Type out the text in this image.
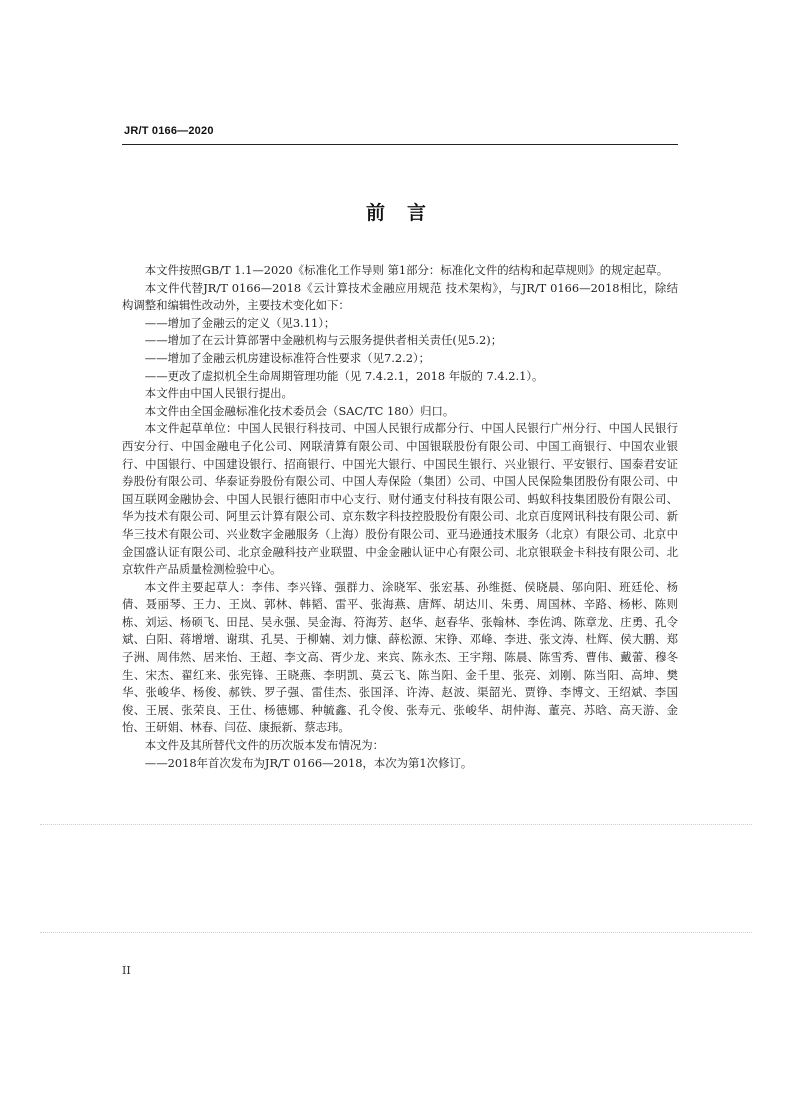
JR/T 0166—2020
前言

本文件按照GB/T 1.1—2020《标准化工作导则 第1部分：标准化文件的结构和起草规则》的规定起草。

本文件代替JR/T 0166—2018《云计算技术金融应用规范 技术架构》，与JR/T 0166—2018相比，除结构调整和编辑性改动外，主要技术变化如下：

——增加了金融云的定义（见3.11）；

——增加了在云计算部署中金融机构与云服务提供者相关责任(见5.2)；

——增加了金融云机房建设标准符合性要求（见7.2.2）；

——更改了虚拟机全生命周期管理功能（见 7.4.2.1，2018 年版的 7.4.2.1）。

本文件由中国人民银行提出。

本文件由全国金融标准化技术委员会（SAC/TC 180）归口。

本文件起草单位：中国人民银行科技司、中国人民银行成都分行、中国人民银行广州分行、中国人民银行西安分行、中国金融电子化公司、网联清算有限公司、中国银联股份有限公司、中国工商银行、中国农业银行、中国银行、中国建设银行、招商银行、中国光大银行、中国民生银行、兴业银行、平安银行、国泰君安证券股份有限公司、华泰证券股份有限公司、中国人寿保险（集团）公司、中国人民保险集团股份有限公司、中国互联网金融协会、中国人民银行德阳市中心支行、财付通支付科技有限公司、蚂蚁科技集团股份有限公司、华为技术有限公司、阿里云计算有限公司、京东数字科技控股股份有限公司、北京百度网讯科技有限公司、新华三技术有限公司、兴业数字金融服务（上海）股份有限公司、亚马逊通技术服务（北京）有限公司、北京中金国盛认证有限公司、北京金融科技产业联盟、中金金融认证中心有限公司、北京银联金卡科技有限公司、北京软件产品质量检测检验中心。

本文件主要起草人：李伟、李兴锋、强群力、涂晓军、张宏基、孙维挺、侯晓晨、邬向阳、班廷伦、杨倩、聂丽琴、王力、王岚、郭林、韩韬、雷平、张海燕、唐辉、胡达川、朱勇、周国林、辛路、杨彬、陈则栋、刘运、杨硕飞、田昆、吴永强、吴金海、符海芳、赵华、赵春华、张翰林、李佐鸿、陈章龙、庄勇、孔令斌、白阳、蒋增增、谢琪、孔昊、于柳婻、刘力慷、薛松源、宋铮、邓峰、李进、张文涛、杜辉、侯大鹏、郑子洲、周伟然、居来怡、王超、李文高、胥少龙、来宾、陈永杰、王宇翔、陈晨、陈雪秀、曹伟、戴蕾、穆冬生、宋杰、翟红来、张宪锋、王晓燕、李明凯、莫云飞、陈当阳、金千里、张亮、刘刚、陈当阳、高坤、樊华、张峻华、杨俊、郝铁、罗子强、雷佳杰、张国泽、许涛、赵波、渠韶光、贾铮、李博文、王绍斌、李国俊、王展、张荣良、王仕、杨德娜、种毓鑫、孔令俊、张寿元、张峻华、胡仲海、董亮、苏晗、高天游、金怡、王研娟、林春、闫莅、康振新、蔡志玮。

本文件及其所替代文件的历次版本发布情况为：

——2018年首次发布为JR/T 0166—2018，本次为第1次修订。

II
